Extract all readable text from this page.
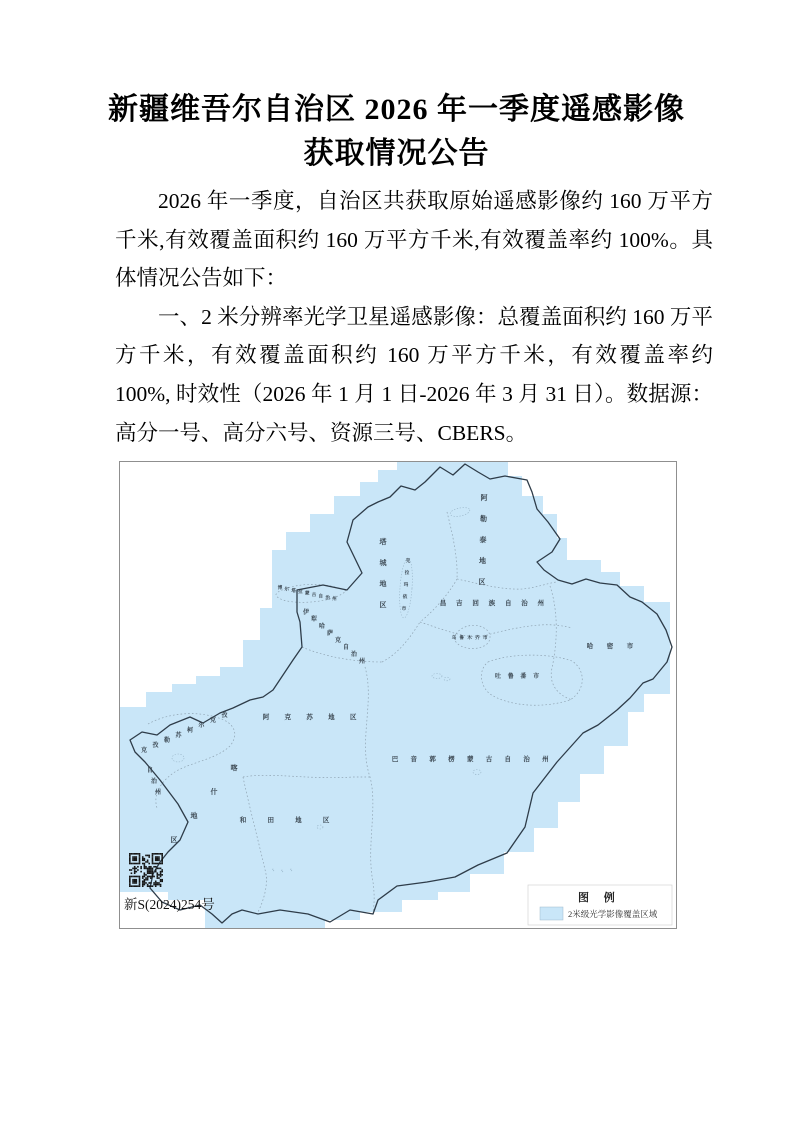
新疆维吾尔自治区 2026 年一季度遥感影像
获取情况公告

2026 年一季度，自治区共获取原始遥感影像约 160 万平方千米,有效覆盖面积约 160 万平方千米,有效覆盖率约 100%。具体情况公告如下：

一、2 米分辨率光学卫星遥感影像：总覆盖面积约 160 万平方千米，有效覆盖面积约 160 万平方千米，有效覆盖率约 100%, 时效性（2026 年 1 月 1 日-2026 年 3 月 31 日）。数据源：高分一号、高分六号、资源三号、CBERS。

阿
勒
泰
地
区
塔
城
地
区
克
拉
玛
依
市
博 尔 塔 拉 蒙 古 自 治 州
伊
犁
哈
萨
克
自
治
州
昌 吉 回 族 自 治 州
乌 鲁 木 齐 市
吐 鲁 番 市
哈 密 市
阿 克 苏 地 区
克
孜
勒
苏
柯
尔
克
孜
自
治
州
喀
什
地
区
和	田	地	区
巴 音 郭 楞 蒙 古 自 治 州
新S(2024)254号	图 例
2米级光学影像覆盖区域
